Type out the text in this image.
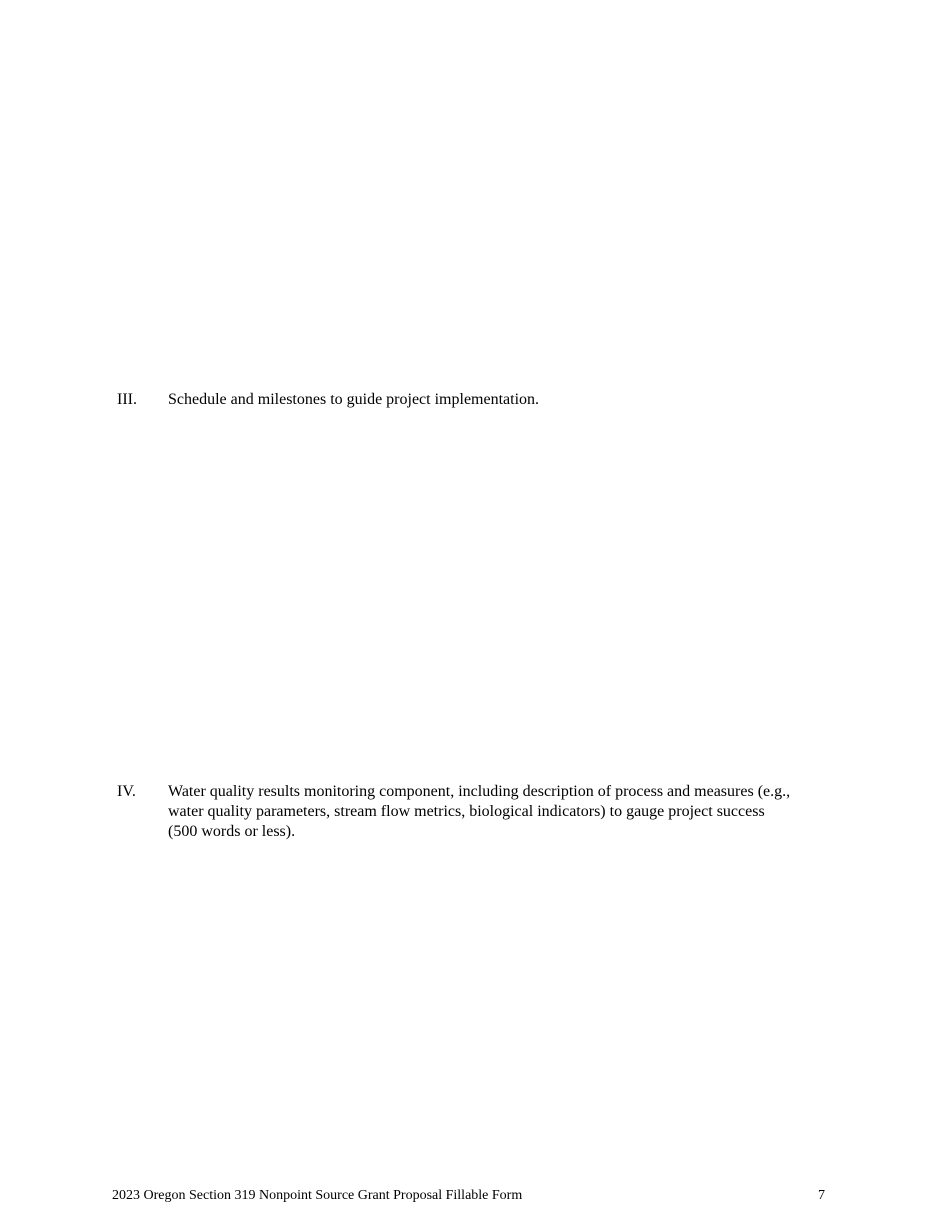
III. Schedule and milestones to guide project implementation.
IV. Water quality results monitoring component, including description of process and measures (e.g.,
water quality parameters, stream flow metrics, biological indicators) to gauge project success
(500 words or less).
2023 Oregon Section 319 Nonpoint Source Grant Proposal Fillable Form	7
